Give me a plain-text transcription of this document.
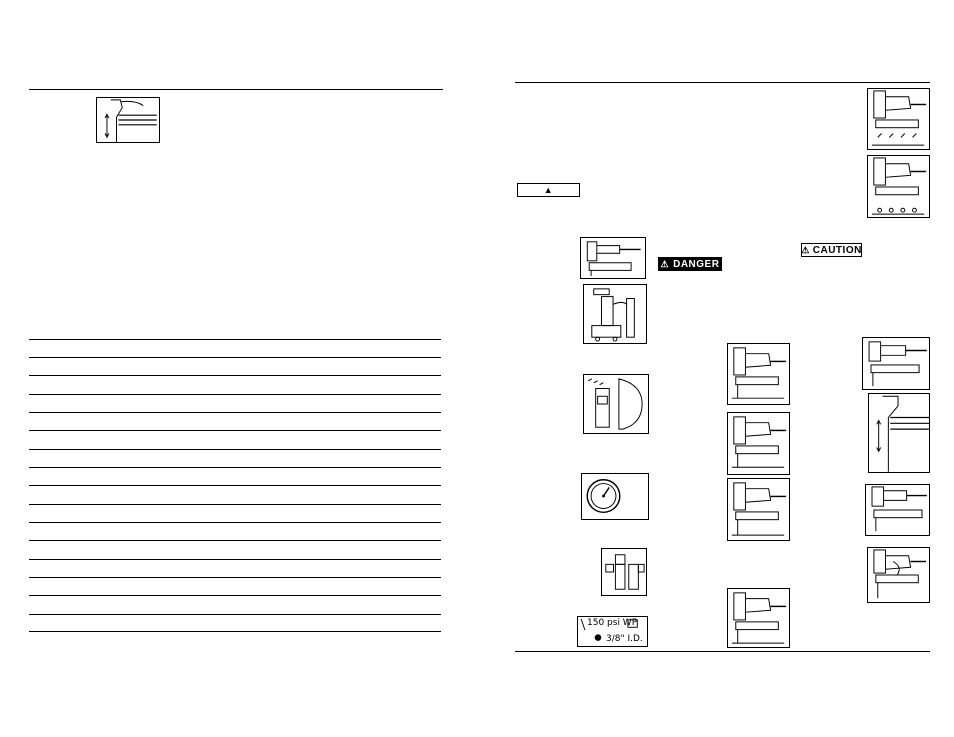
▲
⚠ DANGER
⚠ CAUTION
150 psi WP
3/8" I.D.
